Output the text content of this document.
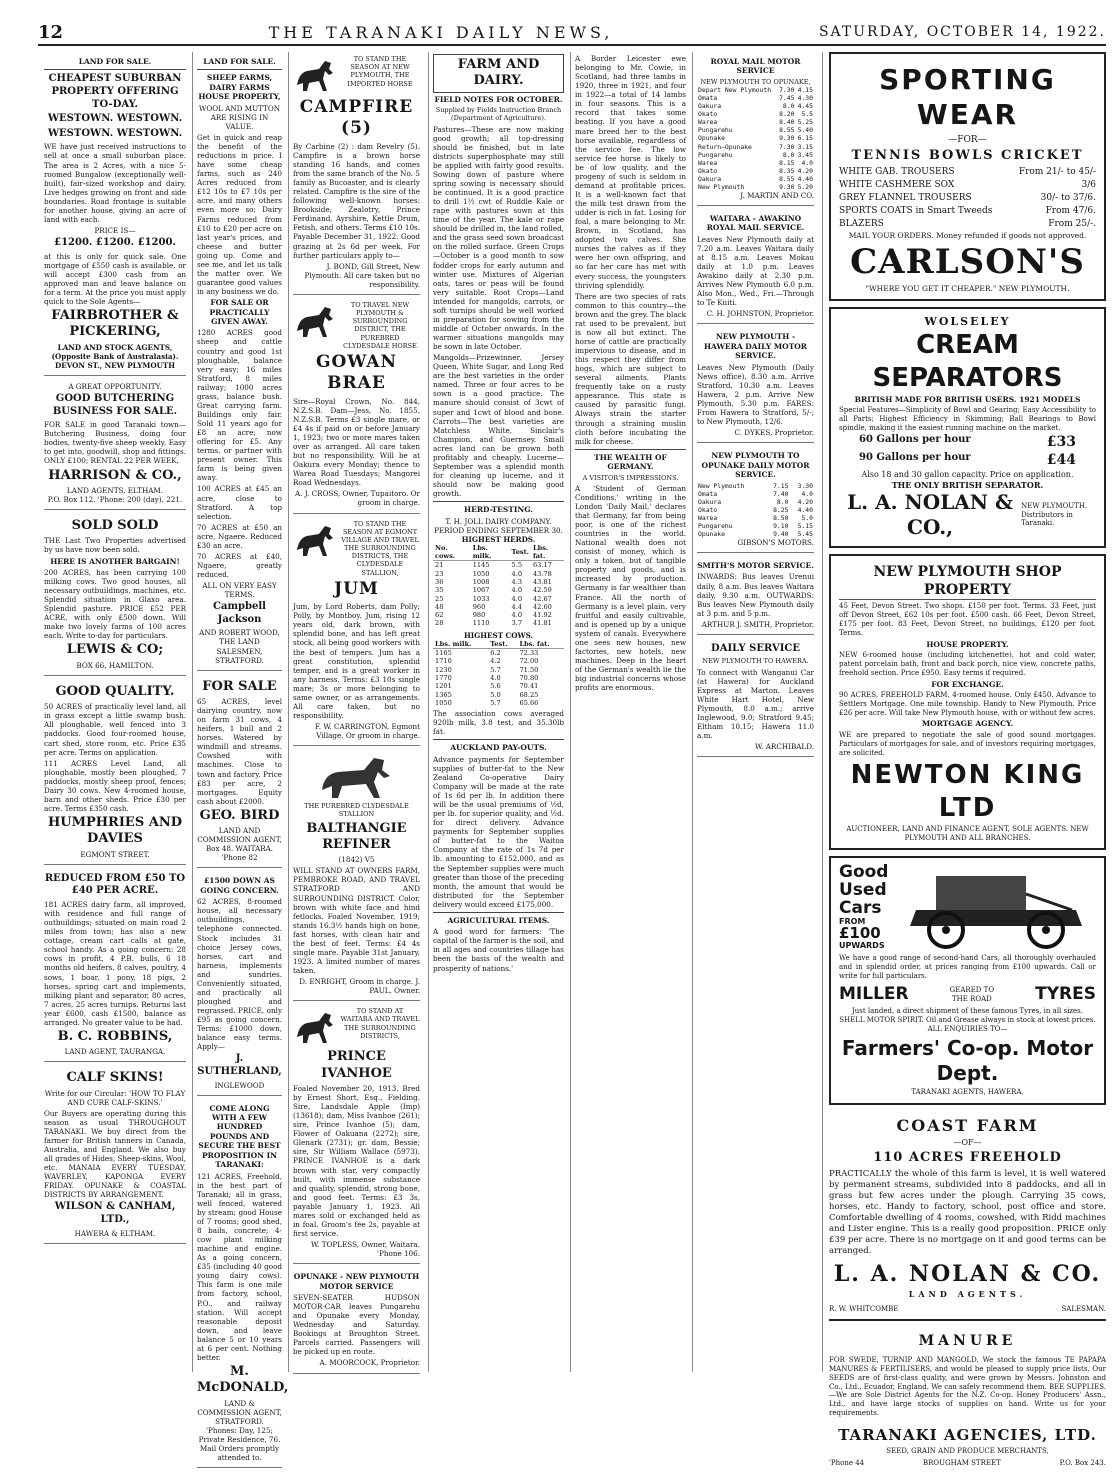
12	THE TARANAKI DAILY NEWS,	SATURDAY, OCTOBER 14, 1922.
LAND FOR SALE.
CHEAPEST SUBURBAN PROPERTY OFFERING TO-DAY.
WESTOWN. WESTOWN.
WESTOWN. WESTOWN.

WE have just received instructions to sell at once a small suburban place. The area is 2 Acres, with a nice 5-roomed Bungalow (exceptionally well-built), fair-sized workshop and dairy. Live hedges growing on front and side boundaries. Road frontage is suitable for another house, giving an acre of land with each.

PRICE IS—
£1200. £1200. £1200.

at this is only for quick sale. One mortgage of £550 cash is available, or will accept £300 cash from an approved man and leave balance on for a term. At the price you must apply quick to the Sole Agents—

FAIRBROTHER & PICKERING,
LAND AND STOCK AGENTS, (Opposite Bank of Australasia). DEVON ST., NEW PLYMOUTH
A GREAT OPPORTUNITY.
GOOD BUTCHERING BUSINESS FOR SALE.

FOR SALE in good Taranaki town—Butchering Business, doing four bodies, twenty-five sheep weekly. Easy to get into, goodwill, shop and fittings. ONLY £100; RENTAL 22 PER WEEK,

HARRISON & CO.,
LAND AGENTS, ELTHAM.
P.O. Box 112. 'Phone: 200 (day), 221.
SOLD SOLD

THE Last Two Properties advertised by us have now been sold.

HERE IS ANOTHER BARGAIN!

200 ACRES, has been carrying 100 milking cows. Two good houses, all necessary outbuildings, machines, etc. Splendid situation in Glaxo area. Splendid pasture. PRICE £52 PER ACRE, with only £500 down. Will make two lovely farms of 100 acres each. Write to-day for particulars.

LEWIS & CO;
BOX 66, HAMILTON.
GOOD QUALITY.

50 ACRES of practically level land, all in grass except a little swamp bush. All ploughable, well fenced into 3 paddocks. Good four-roomed house, cart shed, store room, etc. Price £35 per acre. Terms on application.

111 ACRES Level Land, all ploughable, mostly been ploughed, 7 paddocks, mostly sheep proof, fences; Dairy 30 cows. New 4-roomed house, barn and other sheds. Price £30 per acre. Terms £350 cash.

HUMPHRIES AND DAVIES
EGMONT STREET.
REDUCED FROM £50 TO £40 PER ACRE.

181 ACRES dairy farm, all improved, with residence and full range of outbuildings; situated on main road 2 miles from town; has also a new cottage, cream cart calls at gate, school handy. As a going concern: 28 cows in profit, 4 P.B. bulls, 6 18 months old heifers, 8 calves, poultry, 4 sows, 1 boar, 1 pony, 18 pigs, 2 horses, spring cart and implements, milking plant and separator, 80 acres, 7 acres, 25 acres turnips. Returns last year £600, cash £1500, balance as arranged. No greater value to be had.

B. C. ROBBINS,
LAND AGENT, TAURANGA.
CALF SKINS!
Write for our Circular: 'HOW TO FLAY AND CURE CALF-SKINS.'

Our Buyers are operating during this season as usual THROUGHOUT TARANAKI. We buy direct from the farmer for British tanners in Canada, Australia, and England. We also buy all grades of Hides, Sheep-skins, Wool, etc. MANAIA EVERY TUESDAY. WAVERLEY, KAPONGA EVERY FRIDAY. OPUNAKE & COASTAL DISTRICTS BY ARRANGEMENT.

WILSON & CANHAM, LTD.,
HAWERA & ELTHAM.
LAND FOR SALE.
SHEEP FARMS, DAIRY FARMS HOUSE PROPERTY,
WOOL AND MUTTON ARE RISING IN VALUE.

Get in quick and reap the benefit of the reductions in price. I have some cheap farms, such as 240 Acres reduced from £12 10s to £7 10s per acre, and many others even more so; Dairy Farms reduced from £10 to £20 per acre on last year's prices, and cheese and butter going up. Come and see me, and let us talk the matter over. We guarantee good values in any business we do.

FOR SALE OR PRACTICALLY GIVEN AWAY.

1280 ACRES good sheep and cattle country and good 1st ploughable, balance very easy; 16 miles Stratford, 8 miles railway; 1000 acres grass, balance bush. Great carrying farm. Buildings only fair. Sold 11 years ago for £8 an acre; now offering for £5. Any terms, or partner with present owner. This farm is being given away.

100 ACRES at £45 an acre, close to Stratford. A top selection.

70 ACRES at £50 an acre, Ngaere. Reduced £30 an acre.

70 ACRES at £40, Ngaere, greatly reduced.

ALL ON VERY EASY TERMS.
Campbell Jackson
AND ROBERT WOOD, THE LAND SALESMEN, STRATFORD.
FOR SALE

65 ACRES, level dairying country, now on farm 31 cows, 4 heifers, 1 bull and 2 horses. Watered by windmill and streams. Cowshed with machines. Close to town and factory. Price £83 per acre, 2 mortgages. Equity cash about £2000.

GEO. BIRD
LAND AND COMMISSION AGENT,
Box 48. WAITARA. 'Phone 82
£1500 DOWN AS GOING CONCERN.

62 ACRES, 8-roomed house, all necessary outbuildings, telephone connected. Stock includes 31 choice Jersey cows, horses, cart and harness, implements and sundries. Conveniently situated, and practically all ploughed and regrassed. PRICE, only £95 as going concern. Terms: £1000 down, balance easy terms. Apply—

J. SUTHERLAND,
INGLEWOOD
COME ALONG WITH A FEW HUNDRED POUNDS AND SECURE THE BEST PROPOSITION IN TARANAKI:

121 ACRES, Freehold, in the best part of Taranaki; all in grass, well fenced, watered by stream; good House of 7 rooms; good shed, 8 bails, concrete; 4-cow plant milking machine and engine. As a going concern, £35 (including 40 good young dairy cows). This farm is one mile from factory, school, P.O., and railway station. Will accept reasonable deposit down, and leave balance 5 or 10 years at 6 per cent. Nothing better.

M. McDONALD,
LAND & COMMISSION AGENT, STRATFORD.
'Phones: Day, 125; Private Residence, 76. Mail Orders promptly attended to.
TO STAND THE SEASON AT NEW PLYMOUTH, THE IMPORTED HORSE
CAMPFIRE (5)

By Carbine (2) : dam Revelry (5). Campfire is a brown horse standing 16 hands, and comes from the same branch of the No. 5 family as Bucoaster, and is clearly related. Campfire is the sire of the following well-known horses: Brookside, Zealotry, Prince Ferdinand, Ayrshire, Kettle Drum, Fetish, and others. Terms £10 10s. Payable December 31, 1922. Good grazing at 2s 6d per week. For further particulars apply to—

J. BOND, Gill Street, New Plymouth. All care taken but no responsibility.
TO TRAVEL NEW PLYMOUTH & SURROUNDING DISTRICT, THE PUREBRED CLYDESDALE HORSE
GOWAN BRAE

Sire—Royal Crown, No. 844, N.Z.S.B. Dam—Jess, No. 1855, N.Z.S.B. Terms £3 single mare, or £4 4s if paid on or before January 1, 1923; two or more mares taken over as arranged. All care taken but no responsibility. Will be at Oakura every Monday; thence to Warea Road Tuesdays; Mangorei Road Wednesdays.

A. J. CROSS, Owner, Tupaitoro. Or groom in charge.
TO STAND THE SEASON AT EGMONT VILLAGE AND TRAVEL THE SURROUNDING DISTRICTS, THE CLYDESDALE STALLION,
JUM

Jum, by Lord Roberts, dam Polly; Polly, by Montboy. Jum, rising 12 years old, dark brown, with splendid bone, and has left great stock, all being good workers with the best of tempers. Jum has a great constitution, splendid temper, and is a great worker in any harness. Terms: £3 10s single mare; 3s or more belonging to same owner, or as arrangements. All care taken, but no responsibility.

F. W. CARRINGTON, Egmont Village. Or groom in charge.
THE PUREBRED CLYDESDALE STALLION
BALTHANGIE REFINER
(1842) V5

WILL STAND AT OWNERS FARM, PEMBROKE ROAD, AND TRAVEL STRATFORD AND SURROUNDING DISTRICT. Color, brown with white face and hind fetlocks. Foaled November, 1919; stands 16.3½ hands high on bone, fast horses, with clean hair and the best of feet. Terms: £4 4s single mare. Payable 31st January, 1923. A limited number of mares taken.

D. ENRIGHT, Groom in charge. J. PAUL, Owner.
TO STAND AT WAITARA AND TRAVEL THE SURROUNDING DISTRICTS,
PRINCE IVANHOE

Foaled November 20, 1913. Bred by Ernest Short, Esq., Fielding. Sire, Landsdale Apple (Imp) (13618); dam, Miss Ivanhoe (261); sire, Prince Ivanhoe (5); dam, Flower of Oakuana (2272); sire, Glenark (2731); gr. dam, Bessie; sire, Sir William Wallace (5973). PRINCE IVANHOE is a dark brown with star, very compactly built, with immense substance and quality, splendid, strong bone, and good feet. Terms: £3 3s, payable January 1, 1923. All mares sold or exchanged held as in foal. Groom's fee 2s, payable at first service.

W. TOPLESS, Owner, Waitara.
'Phone 106.
OPUNAKE - NEW PLYMOUTH MOTOR SERVICE

SEVEN-SEATER HUDSON MOTOR-CAR leaves Pungarehu and Opunake every Monday, Wednesday and Saturday. Bookings at Broughton Street. Parcels carried. Passengers will be picked up en route.

A. MOORCOCK, Proprietor.
FARM AND DAIRY.
FIELD NOTES FOR OCTOBER.
Supplied by Fields Instruction Branch (Department of Agriculture).

Pastures—These are now making good growth; all top-dressing should be finished, but in late districts superphosphate may still be applied with fairly good results. Sowing down of pasture where spring sowing is necessary should be continued. It is a good practice to drill 1½ cwt of Ruddle Kale or rape with pastures sown at this time of the year. The kale or rape should be drilled in, the land rolled, and the grass seed sown broadcast on the rolled surface. Green Crops—October is a good month to sow fodder crops for early autumn and winter use. Mixtures of Algerian oats, tares or peas will be found very suitable. Root Crops—Land intended for mangolds, carrots, or soft turnips should be well worked in preparation for sowing from the middle of October onwards. In the warmer situations mangolds may be sown in late October.

Mangolds—Prizewinner, Jersey Queen, White Sugar, and Long Red are the best varieties in the order named. Three or four acres to be sown is a good practice. The manure should consist of 3cwt of super and 1cwt of blood and bone. Carrots—The best varieties are Matchless White, Sinclair's Champion, and Guernsey. Small acres land can be grown both profitably and cheaply. Lucerne—September was a splendid month for cleaning up lucerne, and it should now be making good growth.

HERD-TESTING.
T. H. JOLL DAIRY COMPANY.
PERIOD ENDING SEPTEMBER 30.
HIGHEST HERDS.
No. cows.	Lbs. milk.	Test.	Lbs. fat.
21	1145	5.5	63.17
23	1050	4.0	43.78
36	1008	4.3	43.81
35	1067	4.0	42.59
25	1033	4.0	42.67
48	960	4.4	42.60
62	980	4.0	41.92
28	1110	3.7	41.81
HIGHEST COWS.
Lbs. milk.	Test.	Lbs. fat.
1165	6.2	72.33
1710	4.2	72.00
1230	5.7	71.50
1770	4.0	70.80
1201	5.6	70.41
1365	5.0	68.25
1050	5.7	65.66

The association cows averaged 920lb milk, 3.8 test, and 35.30lb fat.

AUCKLAND PAY-OUTS.

Advance payments for September supplies of butter-fat to the New Zealand Co-operative Dairy Company will be made at the rate of 1s 6d per lb. In addition there will be the usual premiums of ½d, per lb. for superior quality, and ½d. for direct delivery. Advance payments for September supplies of butter-fat to the Waitoa Company at the rate of 1s 7d per lb. amounting to £152,000, and as the September supplies were much greater than those of the preceding month, the amount that would be distributed for the September delivery would exceed £175,000.

AGRICULTURAL ITEMS.

A good word for farmers: 'The capital of the farmer is the soil, and in all ages and countries tillage has been the basis of the wealth and prosperity of nations.'

A Border Leicester ewe belonging to Mr. Cowie, in Scotland, had three lambs in 1920, three in 1921, and four in 1922—a total of 14 lambs in four seasons. This is a record that takes some beating. If you have a good mare breed her to the best horse available, regardless of the service fee. The low service fee horse is likely to be of low quality, and the progeny of such is seldom in demand at profitable prices. It is a well-known fact that the milk test drawn from the udder is rich in fat. Losing for foal, a mare belonging to Mr. Brown, in Scotland, has adopted two calves. She nurses the calves as if they were her own offspring, and so far her care has met with every success, the youngsters thriving splendidly.

There are two species of rats common to this country—the brown and the grey. The black rat used to be prevalent, but is now all but extinct. The horse of cattle are practically impervious to disease, and in this respect they differ from hogs, which are subject to several ailments. Plants frequently take on a rusty appearance. This state is caused by parasitic fungi. Always strain the starter through a straining muslin cloth before incubating the milk for cheese.

THE WEALTH OF GERMANY.
A VISITOR'S IMPRESSIONS.

A 'Student of German Conditions,' writing in the London 'Daily Mail,' declares that Germany, far from being poor, is one of the richest countries in the world. National wealth does not consist of money, which is only a token, but of tangible property and goods, and is increased by production. Germany is far wealthier than France. All the north of Germany is a level plain, very fruitful and easily cultivable, and is opened up by a unique system of canals. Everywhere one sees new houses, new factories, new hotels, new machines. Deep in the heart of the German's wealth lie the big industrial concerns whose profits are enormous.

ROYAL MAIL MOTOR SERVICE
NEW PLYMOUTH TO OPUNAKE,
Depart New Plymouth	7.30	4.15
Omata	7.45	4.30
Oakura	8.0	4.45
Okato	8.20	5.5
Warea	8.40	5.25
Pungarehu	8.55	5.40
Opunake	9.30	6.15
Return—Opunake	7.30	3.15
Pungarehu	8.0	3.45
Warea	8.15	4.0
Okato	8.35	4.20
Oakura	8.55	4.40
New Plymouth	9.30	5.20
J. MARTIN AND CO.
WAITARA - AWAKINO ROYAL MAIL SERVICE.

Leaves New Plymouth daily at 7.20 a.m. Leaves Waitara daily at 8.15 a.m. Leaves Mokau daily at 1.0 p.m. Leaves Awakino daily at 2.30 p.m. Arrives New Plymouth 6.0 p.m. Also Mon., Wed., Fri.—Through to Te Kuiti.

C. H. JOHNSTON, Proprietor.
NEW PLYMOUTH - HAWERA DAILY MOTOR SERVICE.

Leaves New Plymouth (Daily News office), 8.30 a.m. Arrive Stratford, 10.30 a.m. Leaves Hawera, 2 p.m. Arrive New Plymouth, 5.30 p.m. FARES: From Hawera to Stratford, 5/-; to New Plymouth, 12/6.

C. DYKES, Proprietor.
NEW PLYMOUTH TO OPUNAKE DAILY MOTOR SERVICE.
New Plymouth	7.15	3.30
Omata	7.40	4.0
Oakura	8.0	4.20
Okato	8.25	4.40
Warea	8.50	5.0
Pungarehu	9.10	5.15
Opunake	9.40	5.45
GIBSON'S MOTORS.
SMITH'S MOTOR SERVICE.

INWARDS: Bus leaves Urenui daily, 8 a.m. Bus leaves Waitara daily, 9.30 a.m. OUTWARDS: Bus leaves New Plymouth daily at 3 p.m. and 5 p.m.

ARTHUR J. SMITH, Proprietor.
DAILY SERVICE
NEW PLYMOUTH TO HAWERA.

To connect with Wanganui Car (at Hawera) for Auckland Express at Marton. Leaves White Hart Hotel, New Plymouth, 8.0 a.m.; arrive Inglewood, 9.0; Stratford 9.45; Eltham 10.15; Hawera 11.0 a.m.

W. ARCHIBALD.
SPORTING WEAR
—FOR—
TENNIS BOWLS CRICKET
WHITE GAB. TROUSERS	From 21/- to 45/-
WHITE CASHMERE SOX	3/6
GREY FLANNEL TROUSERS	30/- to 37/6.
SPORTS COATS in Smart Tweeds	From 47/6.
BLAZERS	From 25/-.
MAIL YOUR ORDERS. Money refunded if goods not approved.
CARLSON'S
"WHERE YOU GET IT CHEAPER." NEW PLYMOUTH.
WOLSELEY
CREAM SEPARATORS
BRITISH MADE FOR BRITISH USERS. 1921 MODELS

Special Features—Simplicity of Bowl and Gearing; Easy Accessibility to all Parts; Highest Efficiency in Skimming; Ball Bearings to Bowl spindle, making it the easiest running machine on the market.

60 Gallons per hour	£33
90 Gallons per hour	£44
Also 18 and 30 gallon capacity. Price on application.
THE ONLY BRITISH SEPARATOR.
L. A. NOLAN & CO.,
NEW PLYMOUTH. Distributors in Taranaki.
NEW PLYMOUTH SHOP PROPERTY

45 Feet, Devon Street. Two shops. £150 per foot. Terms. 33 Feet, just off Devon Street, £62 10s per foot. £500 cash. 66 Feet, Devon Street, £175 per foot. 83 Feet, Devon Street, no buildings, £120 per foot. Terms.

HOUSE PROPERTY.

NEW 6-roomed house (including kitchenette), hot and cold water, patent porcelain bath, front and back porch, nice view, concrete paths, freehold section. Price £950. Easy terms if required.

FOR EXCHANGE.

90 ACRES, FREEHOLD FARM, 4-roomed house. Only £450. Advance to Settlers Mortgage. One mile township. Handy to New Plymouth. Price £26 per acre. Will take New Plymouth house, with or without few acres.

MORTGAGE AGENCY.

WE are prepared to negotiate the sale of good sound mortgages. Particulars of mortgages for sale, and of investors requiring mortgages, are solicited.

NEWTON KING LTD
AUCTIONEER, LAND AND FINANCE AGENT, SOLE AGENTS. NEW PLYMOUTH AND ALL BRANCHES.
Good
Used
Cars
FROM
£100
UPWARDS

We have a good range of second-hand Cars, all thoroughly overhauled and in splendid order, at prices ranging from £100 upwards. Call or write for full particulars.

MILLER	GEARED TO THE ROAD	TYRES

Just landed, a direct shipment of these famous Tyres, in all sizes. SHELL MOTOR SPIRIT. Oil and Grease always in stock at lowest prices. ALL ENQUIRIES TO—

Farmers' Co-op. Motor Dept.
TARANAKI AGENTS, HAWERA.
COAST FARM
—OF—
110 ACRES FREEHOLD

PRACTICALLY the whole of this farm is level, it is well watered by permanent streams, subdivided into 8 paddocks, and all in grass but few acres under the plough. Carrying 35 cows, horses, etc. Handy to factory, school, post office and store. Comfortable dwelling of 4 rooms, cowshed, with Ridd machines and Lister engine. This is a really good proposition. PRICE only £39 per acre. There is no mortgage on it and good terms can be arranged.

L. A. NOLAN & CO.
LAND AGENTS.
R. W. WHITCOMBE	SALESMAN.
MANURE

FOR SWEDE, TURNIP AND MANGOLD. We stock the famous TE PAPAPA MANURES & FERTILISERS, and would be pleased to supply price lists. Our SEEDS are of first-class quality, and were grown by Messrs. Johnston and Co., Ltd., Ecuador, England. We can safely recommend them. BEE SUPPLIES.—We are Sole District Agents for the N.Z. Co-op. Honey Producers' Assn., Ltd., and have large stocks of supplies on hand. Write us for your requirements.

TARANAKI AGENCIES, LTD.
SEED, GRAIN AND PRODUCE MERCHANTS,
'Phone 44	BROUGHAM STREET	P.O. Box 243.
